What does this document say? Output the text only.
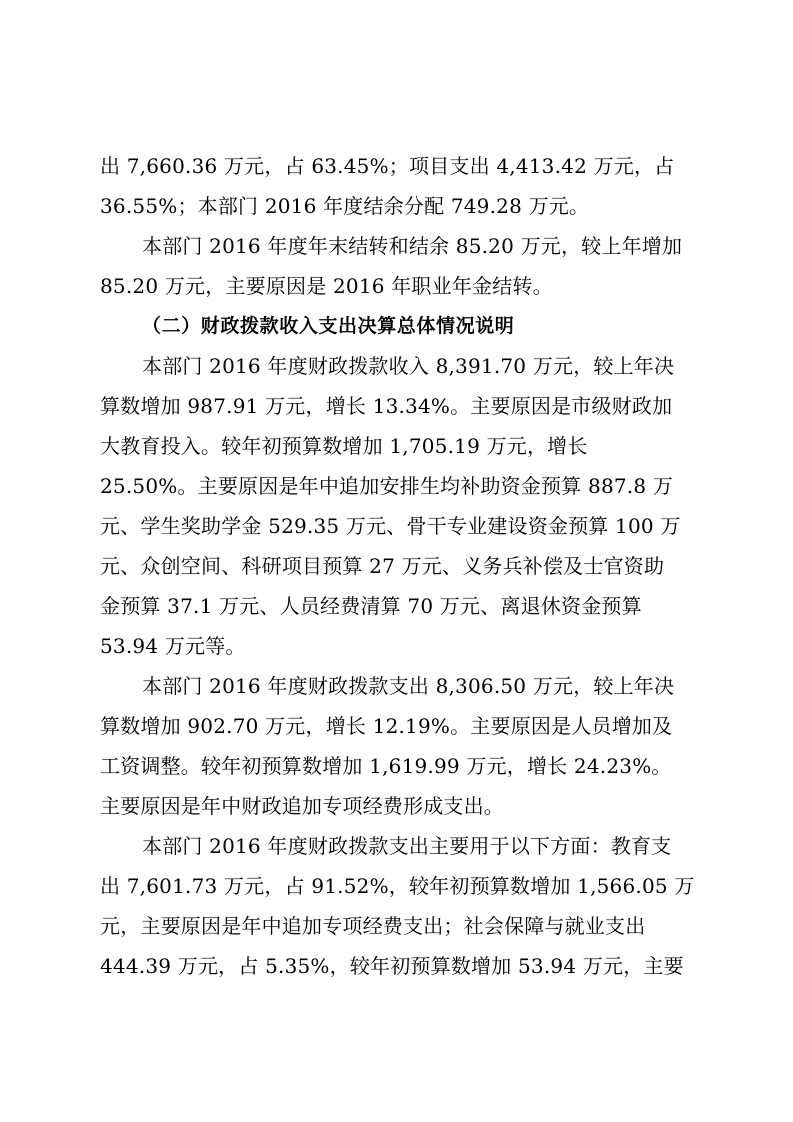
出 7,660.36 万元，占 63.45%；项目支出 4,413.42 万元，占
36.55%；本部门 2016 年度结余分配 749.28 万元。
本部门 2016 年度年末结转和结余 85.20 万元，较上年增加
85.20 万元，主要原因是 2016 年职业年金结转。
（二）财政拨款收入支出决算总体情况说明
本部门 2016 年度财政拨款收入 8,391.70 万元，较上年决
算数增加 987.91 万元，增长 13.34%。主要原因是市级财政加
大教育投入。较年初预算数增加 1,705.19 万元，增长
25.50%。主要原因是年中追加安排生均补助资金预算 887.8 万
元、学生奖助学金 529.35 万元、骨干专业建设资金预算 100 万
元、众创空间、科研项目预算 27 万元、义务兵补偿及士官资助
金预算 37.1 万元、人员经费清算 70 万元、离退休资金预算
53.94 万元等。
本部门 2016 年度财政拨款支出 8,306.50 万元，较上年决
算数增加 902.70 万元，增长 12.19%。主要原因是人员增加及
工资调整。较年初预算数增加 1,619.99 万元，增长 24.23%。
主要原因是年中财政追加专项经费形成支出。
本部门 2016 年度财政拨款支出主要用于以下方面：教育支
出 7,601.73 万元，占 91.52%，较年初预算数增加 1,566.05 万
元，主要原因是年中追加专项经费支出；社会保障与就业支出
444.39 万元，占 5.35%，较年初预算数增加 53.94 万元，主要
